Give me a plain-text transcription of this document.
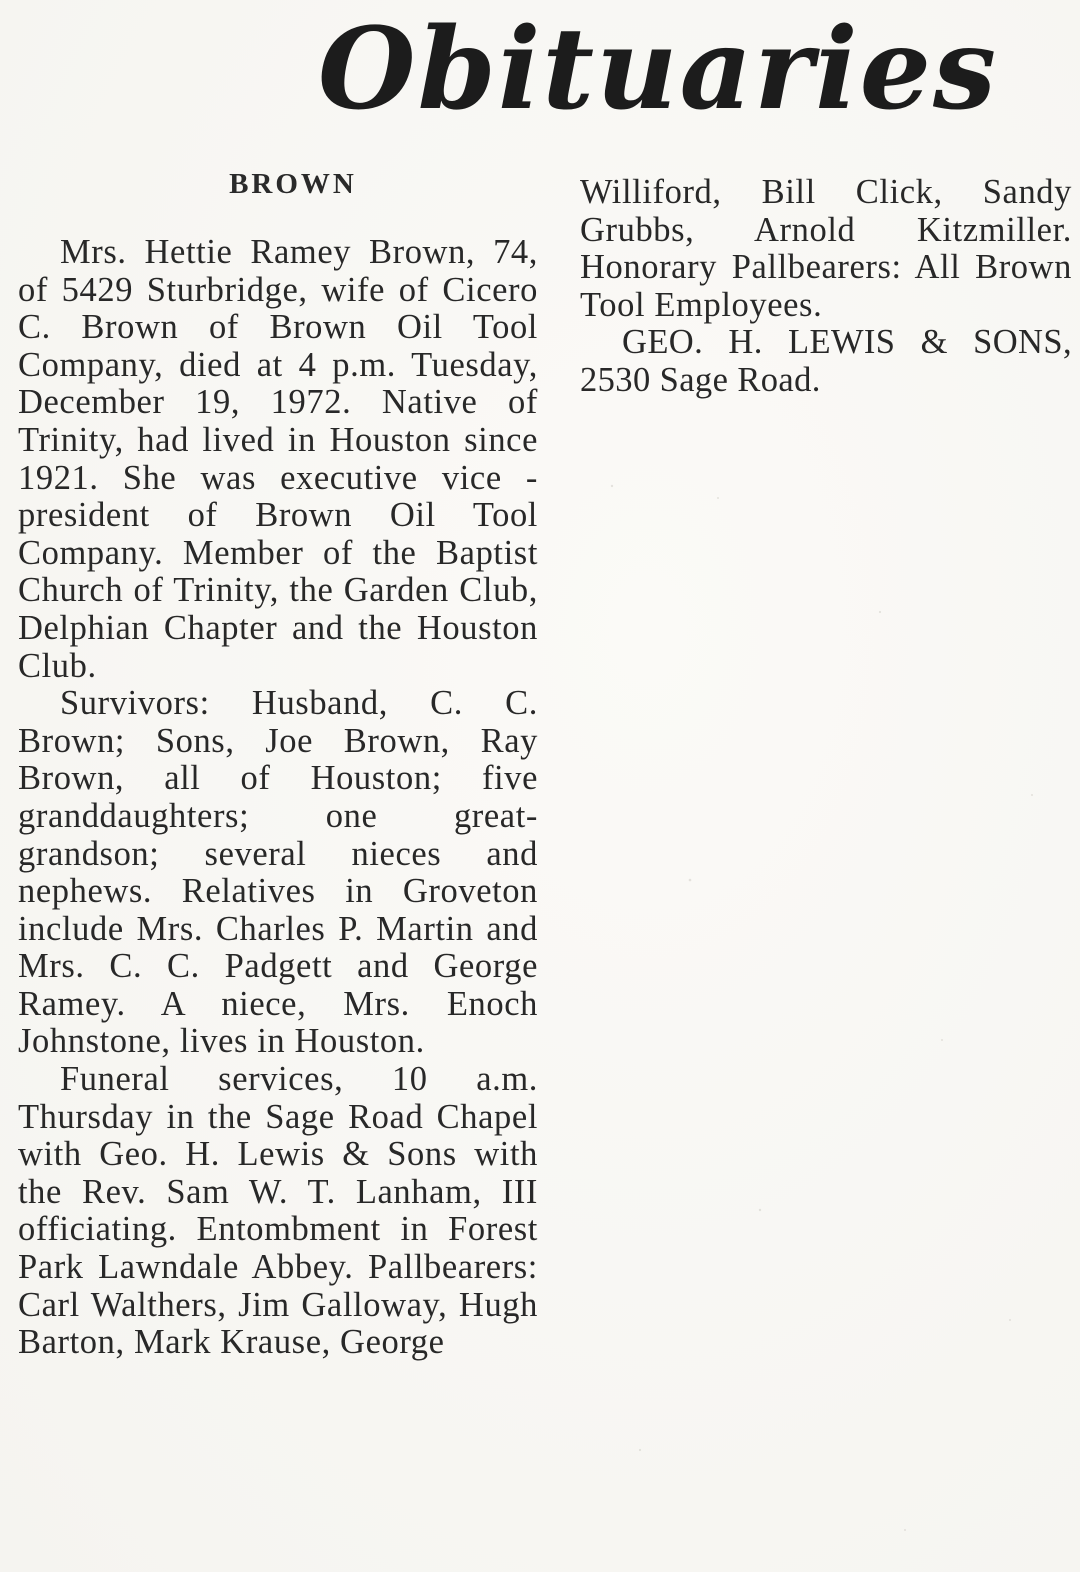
Obituaries
BROWN

Mrs. Hettie Ramey Brown, 74, of 5429 Sturbridge, wife of Cicero C. Brown of Brown Oil Tool Company, died at 4 p.m. Tuesday, December 19, 1972. Native of Trinity, had lived in Houston since 1921. She was executive vice -president of Brown Oil Tool Company. Member of the Baptist Church of Trinity, the Garden Club, Delphian Chapter and the Houston Club.

Survivors: Husband, C. C. Brown; Sons, Joe Brown, Ray Brown, all of Houston; five granddaughters; one great-grandson; several nieces and nephews. Relatives in Groveton include Mrs. Charles P. Martin and Mrs. C. C. Padgett and George Ramey. A niece, Mrs. Enoch Johnstone, lives in Houston.

Funeral services, 10 a.m. Thursday in the Sage Road Chapel with Geo. H. Lewis & Sons with the Rev. Sam W. T. Lanham, III officiating. Entombment in Forest Park Lawndale Abbey. Pallbearers: Carl Walthers, Jim Galloway, Hugh Barton, Mark Krause, George

Williford, Bill Click, Sandy Grubbs, Arnold Kitzmiller. Honorary Pallbearers: All Brown Tool Employees.

GEO. H. LEWIS & SONS, 2530 Sage Road.
